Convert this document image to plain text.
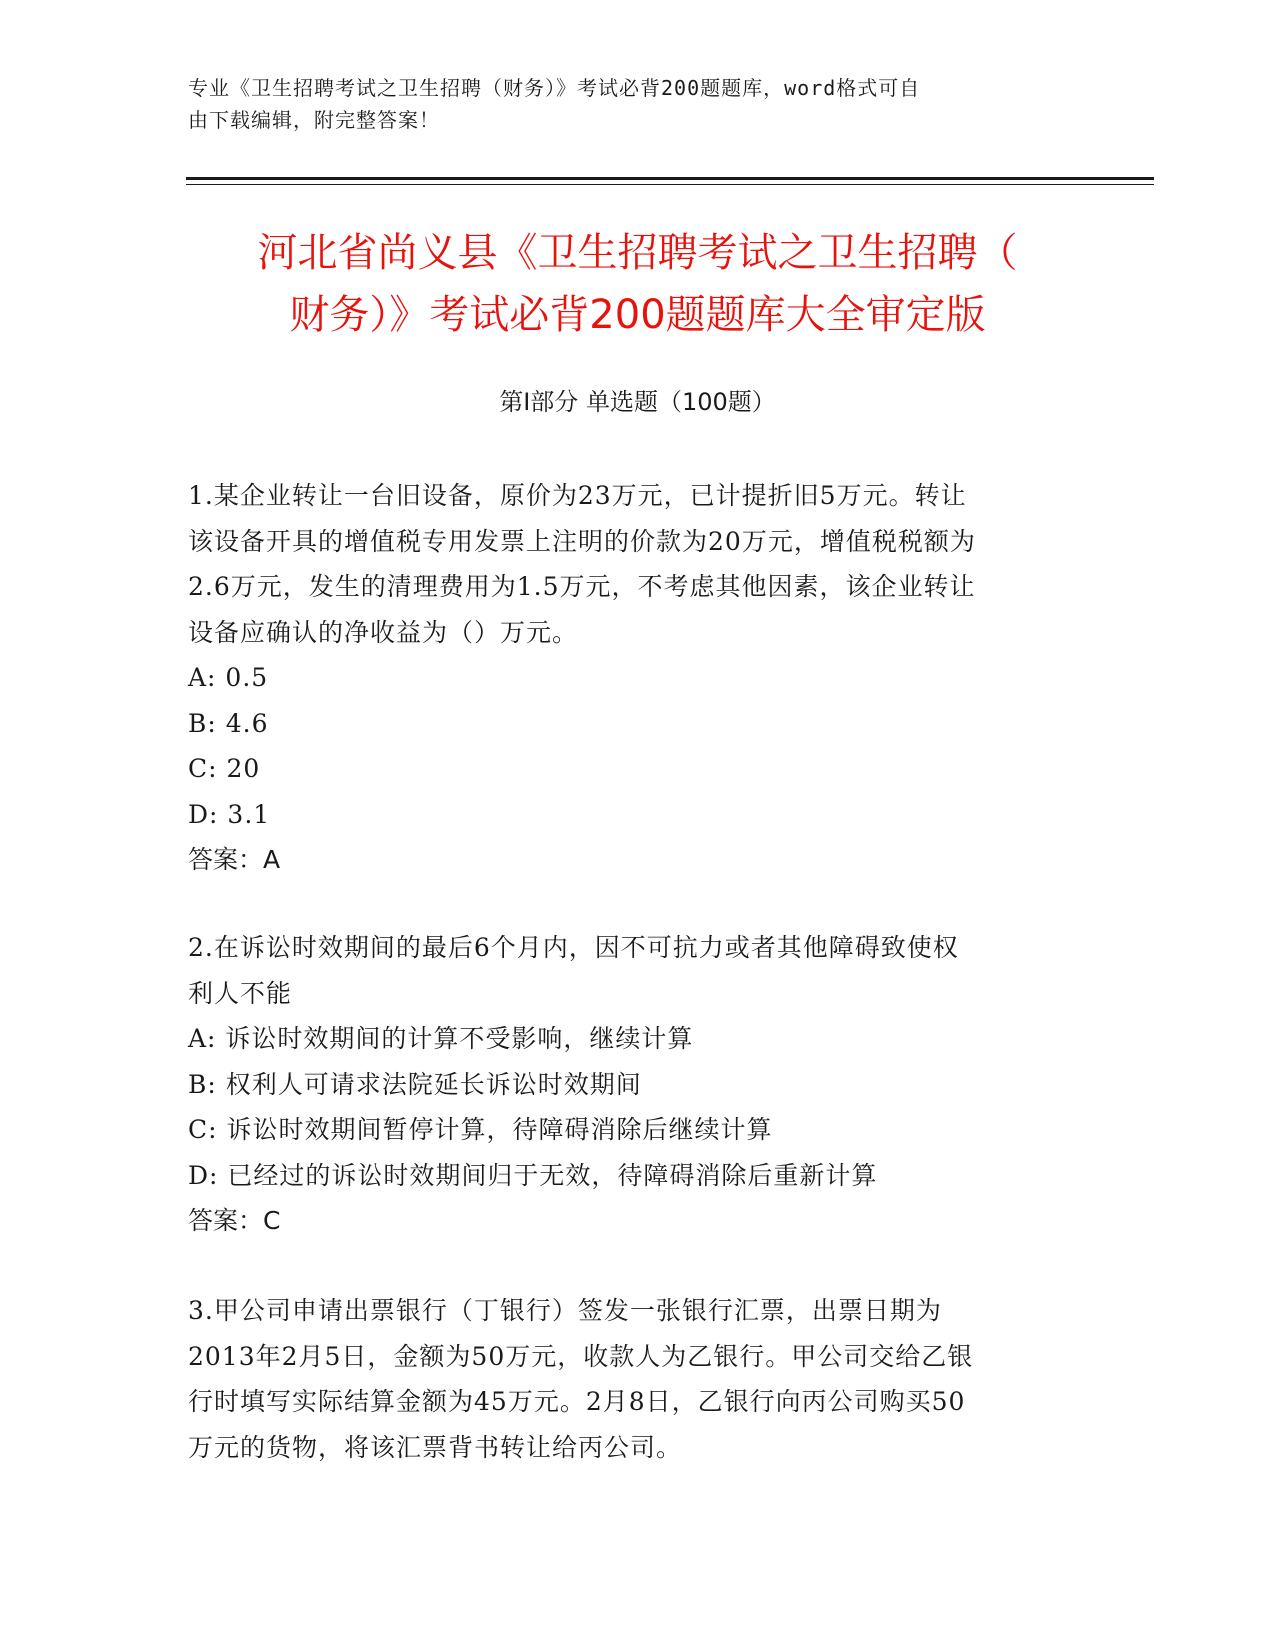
专业《卫生招聘考试之卫生招聘（财务）》考试必背200题题库，word格式可自
由下载编辑，附完整答案！
河北省尚义县《卫生招聘考试之卫生招聘（
财务）》考试必背200题题库大全审定版
第Ⅰ部分 单选题（100题）
1.某企业转让一台旧设备，原价为23万元，已计提折旧5万元。转让
该设备开具的增值税专用发票上注明的价款为20万元，增值税税额为
2.6万元，发生的清理费用为1.5万元，不考虑其他因素，该企业转让
设备应确认的净收益为（）万元。
A: 0.5
B: 4.6
C: 20
D: 3.1
答案：A
2.在诉讼时效期间的最后6个月内，因不可抗力或者其他障碍致使权
利人不能
A: 诉讼时效期间的计算不受影响，继续计算
B: 权利人可请求法院延长诉讼时效期间
C: 诉讼时效期间暂停计算，待障碍消除后继续计算
D: 已经过的诉讼时效期间归于无效，待障碍消除后重新计算
答案：C
3.甲公司申请出票银行（丁银行）签发一张银行汇票，出票日期为
2013年2月5日，金额为50万元，收款人为乙银行。甲公司交给乙银
行时填写实际结算金额为45万元。2月8日，乙银行向丙公司购买50
万元的货物，将该汇票背书转让给丙公司。
